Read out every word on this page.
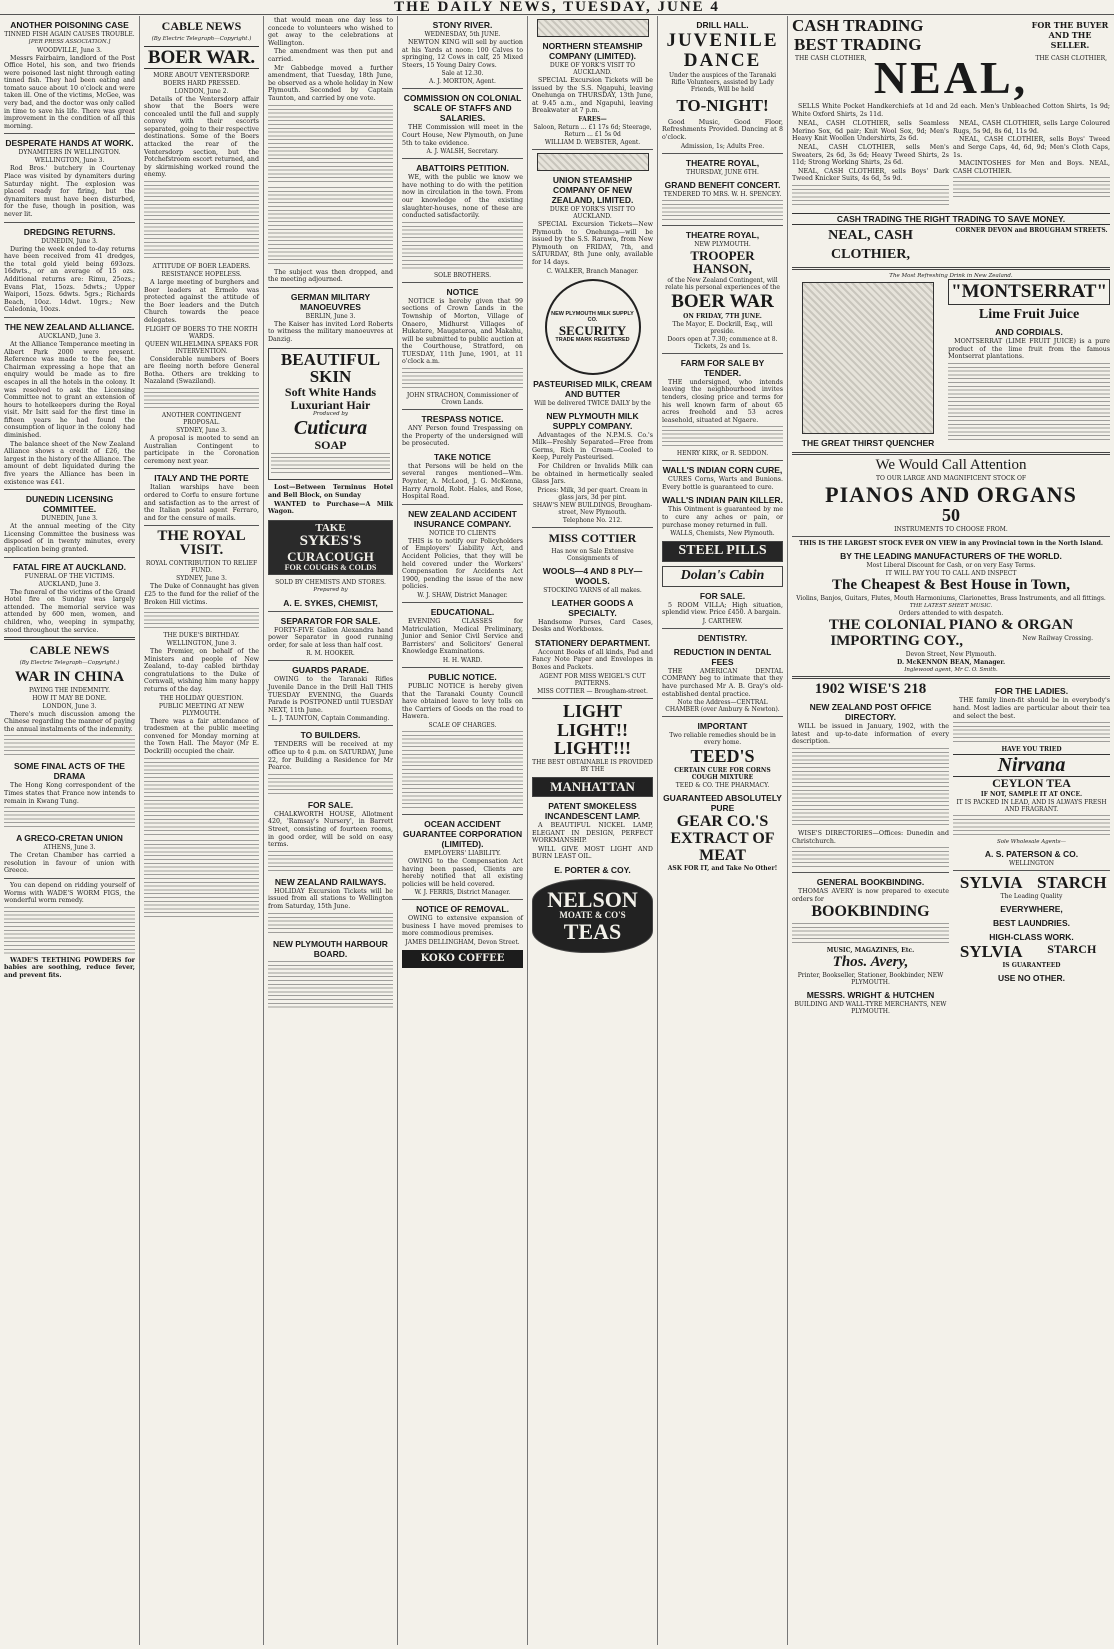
THE DAILY NEWS, TUESDAY, JUNE 4
ANOTHER POISONING CASE
TINNED FISH AGAIN CAUSES TROUBLE.
[PER PRESS ASSOCIATION.]
WOODVILLE, June 3.
Messrs Fairbairn, landlord of the Post Office Hotel, his son, and two friends were poisoned last night through eating tinned fish. They had been eating and tomato sauce about 10 o'clock and were taken ill. One of the victims, McGee, was very bad, and the doctor was only called in time to save his life. There was great improvement in the condition of all this morning.
DESPERATE HANDS AT WORK.
DYNAMITERS IN WELLINGTON.
WELLINGTON, June 3.
Rod Bros.' butchery in Courtenay Place was visited by dynamiters during Saturday night. The explosion was placed ready for firing, but the dynamiters must have been disturbed, for the fuse, though in position, was never lit.
DREDGING RETURNS.
DUNEDIN, June 3.
During the week ended to-day returns have been received from 41 dredges, the total gold yield being 693ozs. 16dwts., or an average of 15 ozs. Additional returns are: Rimu, 25ozs.; Evans Flat, 15ozs. 5dwts.; Upper Waipori, 15ozs. 6dwts. 5grs.; Richards Beach, 10oz. 14dwt. 10grs.; New Caledonia, 10ozs.
THE NEW ZEALAND ALLIANCE.
AUCKLAND, June 3.
At the Alliance Temperance meeting in Albert Park 2000 were present. Reference was made to the fee, the Chairman expressing a hope that an enquiry would be made as to fire escapes in all the hotels in the colony. It was resolved to ask the Licensing Committee not to grant an extension of hours to hotelkeepers during the Royal visit. Mr Isitt said for the first time in fifteen years he had found the consumption of liquor in the colony had diminished.
The balance sheet of the New Zealand Alliance shows a credit of £26, the largest in the history of the Alliance. The amount of debt liquidated during the five years the Alliance has been in existence was £41.
DUNEDIN LICENSING COMMITTEE.
DUNEDIN, June 3.
At the annual meeting of the City Licensing Committee the business was disposed of in twenty minutes, every application being granted.
FATAL FIRE AT AUCKLAND.
FUNERAL OF THE VICTIMS.
AUCKLAND, June 3.
The funeral of the victims of the Grand Hotel fire on Sunday was largely attended. The memorial service was attended by 600 men, women, and children, who, weeping in sympathy, stood throughout the service.
CABLE NEWS
(By Electric Telegraph—Copyright.)
WAR IN CHINA
PAYING THE INDEMNITY.
HOW IT MAY BE DONE.
LONDON, June 3.
There's much discussion among the Chinese regarding the manner of paying the annual instalments of the indemnity.
SOME FINAL ACTS OF THE DRAMA
The Hong Kong correspondent of the Times states that France now intends to remain in Kwang Tung.
A GRECO-CRETAN UNION
ATHENS, June 3.
The Cretan Chamber has carried a resolution in favour of union with Greece.
You can depend on ridding yourself of Worms with WADE'S WORM FIGS, the wonderful worm remedy.
WADE'S TEETHING POWDERS for babies are soothing, reduce fever, and prevent fits.
CABLE NEWS
(By Electric Telegraph—Copyright.)
BOER WAR.
MORE ABOUT VENTERSDORP.
BOERS HARD PRESSED.
LONDON, June 2.
Details of the Ventersdorp affair show that the Boers were concealed until the full and supply convoy with their escorts separated, going to their respective destinations. Some of the Boers attacked the rear of the Ventersdorp section, but the Potchefstroom escort returned, and by skirmishing worked round the enemy.
ATTITUDE OF BOER LEADERS.
RESISTANCE HOPELESS.
A large meeting of burghers and Boer leaders at Ermelo was protected against the attitude of the Boer leaders and the Dutch Church towards the peace delegates.
FLIGHT OF BOERS TO THE NORTH WARDS.
QUEEN WILHELMINA SPEAKS FOR INTERVENTION.
Considerable numbers of Boers are fleeing north before General Botha. Others are trekking to Nazaland (Swaziland).
ANOTHER CONTINGENT PROPOSAL.
SYDNEY, June 3.
A proposal is mooted to send an Australian Contingent to participate in the Coronation ceremony next year.
ITALY AND THE PORTE
Italian warships have been ordered to Corfu to ensure fortune and satisfaction as to the arrest of the Italian postal agent Ferraro, and for the censure of mails.
THE ROYAL VISIT.
ROYAL CONTRIBUTION TO RELIEF FUND.
SYDNEY, June 3.
The Duke of Connaught has given £25 to the fund for the relief of the Broken Hill victims.
THE DUKE'S BIRTHDAY.
WELLINGTON, June 3.
The Premier, on behalf of the Ministers and people of New Zealand, to-day cabled birthday congratulations to the Duke of Cornwall, wishing him many happy returns of the day.
THE HOLIDAY QUESTION.
PUBLIC MEETING AT NEW PLYMOUTH.
There was a fair attendance of tradesmen at the public meeting convened for Monday morning at the Town Hall. The Mayor (Mr E. Dockrill) occupied the chair.
that would mean one day less to concede to volunteers who wished to get away to the celebrations at Wellington.
The amendment was then put and carried.
Mr Gabbedge moved a further amendment, that Tuesday, 18th June, be observed as a whole holiday in New Plymouth. Seconded by Captain Taunton, and carried by one vote.
The subject was then dropped, and the meeting adjourned.
GERMAN MILITARY MANOEUVRES
BERLIN, June 3.
The Kaiser has invited Lord Roberts to witness the military manoeuvres at Danzig.
BEAUTIFUL SKIN
Soft White Hands
Luxuriant Hair
Produced by
Cuticura
SOAP
Lost—Between Terminus Hotel and Bell Block, on Sunday
WANTED to Purchase—A Milk Wagon.
TAKE
SYKES'S
CURACOUGH
FOR COUGHS & COLDS
SOLD BY CHEMISTS AND STORES.
Prepared by
A. E. SYKES, CHEMIST,
SEPARATOR FOR SALE.
FORTY-FIVE Gallon Alexandra hand power Separator in good running order, for sale at less than half cost.
R. M. HOOKER.
GUARDS PARADE.
OWING to the Taranaki Rifles Juvenile Dance in the Drill Hall THIS TUESDAY EVENING, the Guards Parade is POSTPONED until TUESDAY NEXT, 11th June.
L. J. TAUNTON, Captain Commanding.
TO BUILDERS.
TENDERS will be received at my office up to 4 p.m. on SATURDAY, June 22, for Building a Residence for Mr Pearce.
FOR SALE.
CHALKWORTH HOUSE, Allotment 420, 'Ramsay's Nursery', in Barrett Street, consisting of fourteen rooms, in good order, will be sold on easy terms.
NEW ZEALAND RAILWAYS.
HOLIDAY Excursion Tickets will be issued from all stations to Wellington from Saturday, 15th June.
NEW PLYMOUTH HARBOUR BOARD.
STONY RIVER.
WEDNESDAY, 5th JUNE.
NEWTON KING will sell by auction at his Yards at noon: 100 Calves to springing, 12 Cows in calf, 25 Mixed Steers, 15 Young Dairy Cows.
Sale at 12.30.
A. J. MORTON, Agent.
COMMISSION ON COLONIAL SCALE OF STAFFS AND SALARIES.
THE Commission will meet in the Court House, New Plymouth, on June 5th to take evidence.
A. J. WALSH, Secretary.
ABATTOIRS PETITION.
WE, with the public we know we have nothing to do with the petition now in circulation in the town. From our knowledge of the existing slaughter-houses, none of these are conducted satisfactorily.
SOLE BROTHERS.
NOTICE
NOTICE is hereby given that 99 sections of Crown Lands in the Township of Morton, Village of Onaero, Midhurst Villages of Hukatere, Maugateroa, and Makahu, will be submitted to public auction at the Courthouse, Stratford, on TUESDAY, 11th June, 1901, at 11 o'clock a.m.
JOHN STRACHON, Commissioner of Crown Lands.
TRESPASS NOTICE.
ANY Person found Trespassing on the Property of the undersigned will be prosecuted.
TAKE NOTICE
that Persons will be held on the several ranges mentioned—Wm. Poynter, A. McLeod, J. G. McKenna, Harry Arnold, Robt. Hales, and Rose, Hospital Road.
NEW ZEALAND ACCIDENT INSURANCE COMPANY.
NOTICE TO CLIENTS
THIS is to notify our Policyholders of Employers' Liability Act, and Accident Policies, that they will be held covered under the Workers' Compensation for Accidents Act 1900, pending the issue of the new policies.
W. J. SHAW, District Manager.
EDUCATIONAL.
EVENING CLASSES for Matriculation, Medical Preliminary, Junior and Senior Civil Service and Barristers' and Solicitors' General Knowledge Examinations.
H. H. WARD.
PUBLIC NOTICE.
PUBLIC NOTICE is hereby given that the Taranaki County Council have obtained leave to levy tolls on the Carriers of Goods on the road to Hawera.
SCALE OF CHARGES.
OCEAN ACCIDENT GUARANTEE CORPORATION (LIMITED).
EMPLOYERS' LIABILITY.
OWING to the Compensation Act having been passed, Clients are hereby notified that all existing policies will be held covered.
W. J. FERRIS, District Manager.
NOTICE OF REMOVAL.
OWING to extensive expansion of business I have moved premises to more commodious premises.
JAMES DELLINGHAM, Devon Street.
KOKO COFFEE
NORTHERN STEAMSHIP COMPANY (LIMITED).
DUKE OF YORK'S VISIT TO AUCKLAND.
SPECIAL Excursion Tickets will be issued by the S.S. Ngapuhi, leaving Onehunga on THURSDAY, 13th June, at 9.45 a.m., and Ngapuhi, leaving Breakwater at 7 p.m.
FARES—
Saloon, Return ... £1 17s 6d; Steerage, Return ... £1 5s 0d
WILLIAM D. WEBSTER, Agent.
UNION STEAMSHIP COMPANY OF NEW ZEALAND, LIMITED.
DUKE OF YORK'S VISIT TO AUCKLAND.
SPECIAL Excursion Tickets—New Plymouth to Onehunga—will be issued by the S.S. Rarawa, from New Plymouth on FRIDAY, 7th, and SATURDAY, 8th June only, available for 14 days.
C. WALKER, Branch Manager.
NEW PLYMOUTH MILK SUPPLY CO.
SECURITY
TRADE MARK REGISTERED
PASTEURISED MILK, CREAM AND BUTTER
Will be delivered TWICE DAILY by the
NEW PLYMOUTH MILK SUPPLY COMPANY.
Advantages of the N.P.M.S. Co.'s Milk—Freshly Separated—Free from Germs, Rich in Cream—Cooled to Keep, Purely Pasteurised.
For Children or Invalids Milk can be obtained in hermetically sealed Glass Jars.
Prices: Milk, 3d per quart. Cream in glass jars, 3d per pint.
SHAW'S NEW BUILDINGS, Brougham-street, New Plymouth.
Telephone No. 212.
MISS COTTIER
Has now on Sale Extensive Consignments of
WOOLS—4 AND 8 PLY—WOOLS.
STOCKING YARNS of all makes.
LEATHER GOODS A SPECIALTY.
Handsome Purses, Card Cases, Desks and Workboxes.
STATIONERY DEPARTMENT.
Account Books of all kinds, Pad and Fancy Note Paper and Envelopes in Boxes and Packets.
AGENT FOR MISS WEIGEL'S CUT PATTERNS.
MISS COTTIER — Brougham-street.
LIGHT
LIGHT!!
LIGHT!!!
THE BEST OBTAINABLE IS PROVIDED BY THE
MANHATTAN
PATENT SMOKELESS INCANDESCENT LAMP.
A BEAUTIFUL NICKEL LAMP, ELEGANT IN DESIGN, PERFECT WORKMANSHIP.
WILL GIVE MOST LIGHT AND BURN LEAST OIL.
E. PORTER & COY.
NELSON
MOATE & CO'S
TEAS
DRILL HALL.
JUVENILE
DANCE
Under the auspices of the Taranaki Rifle Volunteers, assisted by Lady Friends, Will be held
TO-NIGHT!
Good Music, Good Floor, Refreshments Provided. Dancing at 8 o'clock.
Admission, 1s; Adults Free.
THEATRE ROYAL,
THURSDAY, JUNE 6TH.
GRAND BENEFIT CONCERT.
TENDERED TO MRS. W. H. SPENCEY.
THEATRE ROYAL,
NEW PLYMOUTH.
TROOPER HANSON,
of the New Zealand Contingent, will relate his personal experiences of the
BOER WAR
ON FRIDAY, 7TH JUNE.
The Mayor, E. Dockrill, Esq., will preside.
Doors open at 7.30; commence at 8. Tickets, 2s and 1s.
FARM FOR SALE BY TENDER.
THE undersigned, who intends leaving the neighbourhood invites tenders, closing price and terms for his well known farm of about 65 acres freehold and 53 acres leasehold, situated at Ngaere.
HENRY KIRK, or R. SEDDON.
WALL'S INDIAN CORN CURE,
CURES Corns, Warts and Bunions. Every bottle is guaranteed to cure.
WALL'S INDIAN PAIN KILLER.
This Ointment is guaranteed by me to cure any aches or pain, or purchase money returned in full.
WALLS, Chemists, New Plymouth.
STEEL PILLS
Dolan's Cabin
FOR SALE.
5 ROOM VILLA; High situation, splendid view. Price £450. A bargain.
J. CARTHEW.
DENTISTRY.
REDUCTION IN DENTAL FEES
THE AMERICAN DENTAL COMPANY beg to intimate that they have purchased Mr A. B. Gray's old-established dental practice.
Note the Address—CENTRAL CHAMBER (over Ambury & Newton).
IMPORTANT
Two reliable remedies should be in every home.
TEED'S
CERTAIN CURE FOR CORNS COUGH MIXTURE
TEED & CO. THE PHARMACY.
GUARANTEED ABSOLUTELY PURE
GEAR CO.'S
EXTRACT OF MEAT
ASK FOR IT, and Take No Other!
CASH TRADING
BEST TRADING
FOR THE BUYER AND THE SELLER.
THE CASH CLOTHIER, NEAL,	THE CASH CLOTHIER,
SELLS White Pocket Handkerchiefs at 1d and 2d each. Men's Unbleached Cotton Shirts, 1s 9d; White Oxford Shirts, 2s 11d.
NEAL, CASH CLOTHIER, sells Seamless Merino Sox, 6d pair; Knit Wool Sox, 9d; Men's Heavy Knit Woollen Undershirts, 2s 6d.
NEAL, CASH CLOTHIER, sells Men's Sweaters, 2s 6d, 3s 6d; Heavy Tweed Shirts, 2s 11d; Strong Working Shirts, 2s 6d.
NEAL, CASH CLOTHIER, sells Boys' Dark Tweed Knicker Suits, 4s 6d, 5s 9d.
NEAL, CASH CLOTHIER, sells Large Coloured Rugs, 5s 9d, 8s 6d, 11s 9d.
NEAL, CASH CLOTHIER, sells Boys' Tweed and Serge Caps, 4d, 6d, 9d; Men's Cloth Caps, 1s.
MACINTOSHES for Men and Boys. NEAL, CASH CLOTHIER.
CASH TRADING THE RIGHT TRADING TO SAVE MONEY.
NEAL, CASH CLOTHIER,
CORNER DEVON and BROUGHAM STREETS.
The Most Refreshing Drink in New Zealand.
THE GREAT THIRST QUENCHER
"MONTSERRAT"
Lime Fruit Juice
AND CORDIALS.
MONTSERRAT (LIME FRUIT JUICE) is a pure product of the lime fruit from the famous Montserrat plantations.
We Would Call Attention
TO OUR LARGE AND MAGNIFICENT STOCK OF
PIANOS AND ORGANS
50
INSTRUMENTS TO CHOOSE FROM.
THIS IS THE LARGEST STOCK EVER ON VIEW in any Provincial town in the North Island.
BY THE LEADING MANUFACTURERS OF THE WORLD.
Most Liberal Discount for Cash, or on very Easy Terms.
IT WILL PAY YOU TO CALL AND INSPECT
The Cheapest & Best House in Town,
Violins, Banjos, Guitars, Flutes, Mouth Harmoniums, Clarionettes, Brass Instruments, and all fittings.
THE LATEST SHEET MUSIC.
Orders attended to with despatch.
THE COLONIAL PIANO & ORGAN
IMPORTING COY.,	New Railway Crossing.
Devon Street, New Plymouth.
D. McKENNON BEAN, Manager.
Inglewood agent, Mr C. O. Smith.
1902 WISE'S 218
NEW ZEALAND POST OFFICE DIRECTORY.
WILL be issued in January, 1902, with the latest and up-to-date information of every description.
WISE'S DIRECTORIES—Offices: Dunedin and Christchurch.
GENERAL BOOKBINDING.
THOMAS AVERY is now prepared to execute orders for
BOOKBINDING
MUSIC, MAGAZINES, Etc.
Thos. Avery,
Printer, Bookseller, Stationer, Bookbinder, NEW PLYMOUTH.
MESSRS. WRIGHT & HUTCHEN
BUILDING AND WALL-TYRE MERCHANTS, NEW PLYMOUTH.
FOR THE LADIES.
THE family linen-fit should be in everybody's hand. Most ladies are particular about their tea and select the best.
HAVE YOU TRIED
Nirvana
CEYLON TEA
IF NOT, SAMPLE IT AT ONCE.
IT IS PACKED IN LEAD, AND IS ALWAYS FRESH AND FRAGRANT.
Sole Wholesale Agents—
A. S. PATERSON & CO.
WELLINGTON
SYLVIA STARCH
The Leading Quality
EVERYWHERE,
BEST LAUNDRIES.
HIGH-CLASS WORK.
SYLVIA	STARCH
IS GUARANTEED
USE NO OTHER.
